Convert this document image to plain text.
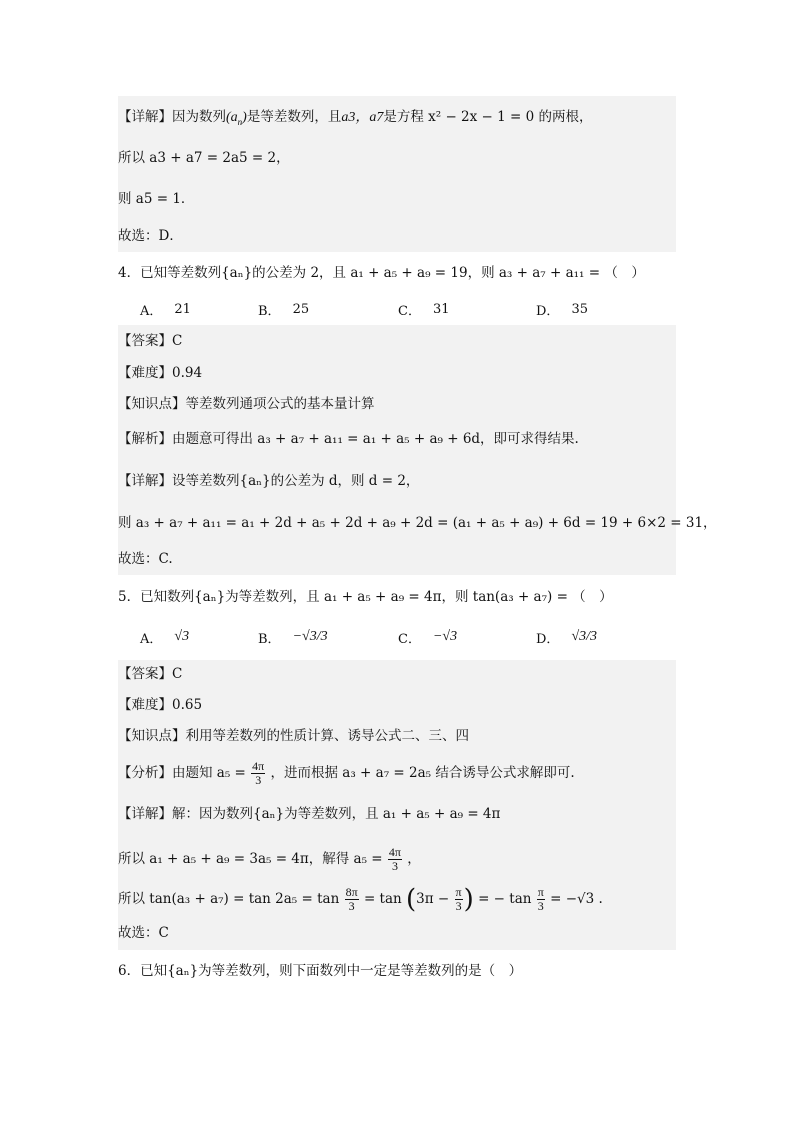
【详解】因为数列$(a_n)$是等差数列，且a3，a7是方程 x² − 2x − 1 = 0 的两根，
所以 a3 + a7 = 2a5 = 2，
则 a5 = 1．
故选：D．
4．已知等差数列{aₙ}的公差为 2，且 a₁ + a₅ + a₉ = 19，则 a₃ + a₇ + a₁₁ = （　）
A． 21	B． 25	C． 31	D． 35
【答案】C
【难度】0.94
【知识点】等差数列通项公式的基本量计算
【解析】由题意可得出 a₃ + a₇ + a₁₁ = a₁ + a₅ + a₉ + 6d，即可求得结果.
【详解】设等差数列{aₙ}的公差为 d，则 d = 2，
则 a₃ + a₇ + a₁₁ = a₁ + 2d + a₅ + 2d + a₉ + 2d = (a₁ + a₅ + a₉) + 6d = 19 + 6×2 = 31，
故选：C.
5．已知数列{aₙ}为等差数列，且 a₁ + a₅ + a₉ = 4π，则 tan(a₃ + a₇) = （　）
A． √3	B． −√3/3	C． −√3	D． √3/3
【答案】C
【难度】0.65
【知识点】利用等差数列的性质计算、诱导公式二、三、四
【分析】由题知 $a_5 = \frac{4\pi}{3}$ ，进而根据 a₃ + a₇ = 2a₅ 结合诱导公式求解即可.
【详解】解：因为数列{aₙ}为等差数列，且 a₁ + a₅ + a₉ = 4π
所以 a₁ + a₅ + a₉ = 3a₅ = 4π，解得 $a_5 = \frac{4\pi}{3}$ ，
所以 $\tan(a_3 + a_7) = \tan 2a_5 = \tan \frac{8\pi}{3} = \tan (3\pi - \frac{\pi}{3}$ ) = − $\tan \frac{\pi}{3} = -√3$ .
故选：C
6．已知{aₙ}为等差数列，则下面数列中一定是等差数列的是（　）
